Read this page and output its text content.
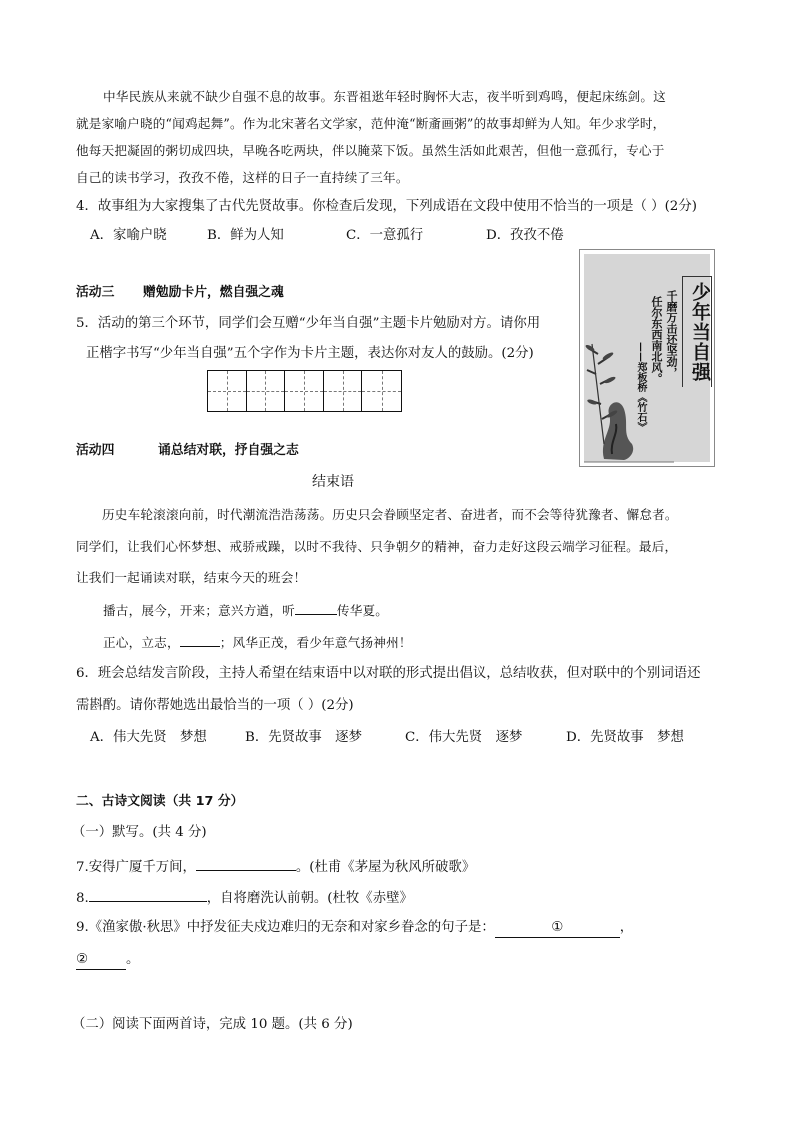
中华民族从来就不缺少自强不息的故事。东晋祖逖年轻时胸怀大志，夜半听到鸡鸣，便起床练剑。这
就是家喻户晓的“闻鸡起舞”。作为北宋著名文学家，范仲淹“断齑画粥”的故事却鲜为人知。年少求学时，
他每天把凝固的粥切成四块，早晚各吃两块，伴以腌菜下饭。虽然生活如此艰苦，但他一意孤行，专心于
自己的读书学习，孜孜不倦，这样的日子一直持续了三年。
4．故事组为大家搜集了古代先贤故事。你检查后发现，下列成语在文段中使用不恰当的一项是（ ）(2分)
A．家喻户晓	B．鲜为人知	C．一意孤行	D．孜孜不倦
活动三 赠勉励卡片，燃自强之魂
5．活动的第三个环节，同学们会互赠“少年当自强”主题卡片勉励对方。请你用
正楷字书写“少年当自强”五个字作为卡片主题，表达你对友人的鼓励。(2分)	少年当自强
千磨万击还坚劲，
任尔东西南北风。
——郑板桥《竹石》
活动四	诵总结对联，抒自强之志
结束语
历史车轮滚滚向前，时代潮流浩浩荡荡。历史只会眷顾坚定者、奋进者，而不会等待犹豫者、懈怠者。
同学们，让我们心怀梦想、戒骄戒躁，以时不我待、只争朝夕的精神，奋力走好这段云端学习征程。最后，
让我们一起诵读对联，结束今天的班会！
播古，展今，开来；意兴方遒，听	传华夏。
正心，立志，	；风华正茂，看少年意气扬神州！
6．班会总结发言阶段，主持人希望在结束语中以对联的形式提出倡议，总结收获，但对联中的个别词语还
需斟酌。请你帮她选出最恰当的一项（ ）(2分)
A．伟大先贤　梦想	B．先贤故事　逐梦	C．伟大先贤　逐梦	D．先贤故事　梦想
二、古诗文阅读（共 17 分）
（一）默写。(共 4 分)
7.安得广厦千万间，	。(杜甫《茅屋为秋风所破歌》
8.	，自将磨洗认前朝。(杜牧《赤壁》
9.《渔家傲·秋思》中抒发征夫戍边难归的无奈和对家乡眷念的句子是：	①	，
②	。
（二）阅读下面两首诗，完成 10 题。(共 6 分)
